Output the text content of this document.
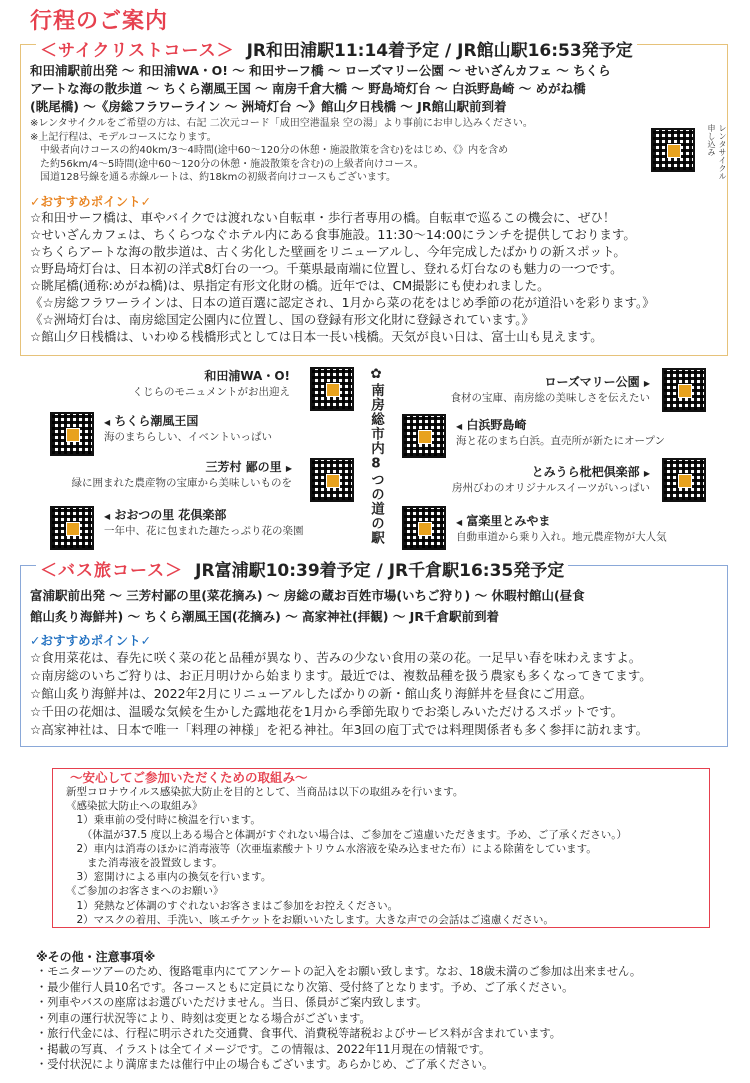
行程のご案内
＜サイクリストコース＞ JR和田浦駅11:14着予定 / JR館山駅16:53発予定
和田浦駅前出発 ～ 和田浦WA・O! ～ 和田サーフ橋 ～ ローズマリー公園 ～ せいざんカフェ ～ ちくら
アートな海の散歩道 ～ ちくら潮風王国 ～ 南房千倉大橋 ～ 野島埼灯台 ～ 白浜野島崎 ～ めがね橋
(眺尾橋) ～《房総フラワーライン ～ 洲埼灯台 ～》館山夕日桟橋 ～ JR館山駅前到着
※レンタサイクルをご希望の方は、右記 二次元コード「成田空港温泉 空の湯」より事前にお申し込みください。
※上記行程は、モデルコースになります。
　中級者向けコースの約40km/3～4時間(途中60～120分の休憩・施設散策を含む)をはじめ、《》内を含め
　た約56km/4～5時間(途中60～120分の休憩・施設散策を含む)の上級者向けコース。
　国道128号線を通る赤線ルートは、約18kmの初級者向けコースもございます。	レンタサイクル申し込み
✓おすすめポイント✓
☆和田サーフ橋は、車やバイクでは渡れない自転車・歩行者専用の橋。自転車で巡るこの機会に、ぜひ！
☆せいざんカフェは、ちくらつなぐホテル内にある食事施設。11:30～14:00にランチを提供しております。
☆ちくらアートな海の散歩道は、古く劣化した壁画をリニューアルし、今年完成したばかりの新スポット。
☆野島埼灯台は、日本初の洋式8灯台の一つ。千葉県最南端に位置し、登れる灯台なのも魅力の一つです。
☆眺尾橋(通称:めがね橋)は、県指定有形文化財の橋。近年では、CM撮影にも使われました。
《☆房総フラワーラインは、日本の道百選に認定され、1月から菜の花をはじめ季節の花が道沿いを彩ります。》
《☆洲埼灯台は、南房総国定公園内に位置し、国の登録有形文化財に登録されています。》
☆館山夕日桟橋は、いわゆる桟橋形式としては日本一長い桟橋。天気が良い日は、富士山も見えます。
✿南房総市内8つの道の駅
和田浦WA・O!
くじらのモニュメントがお出迎え
◀ ちくら潮風王国
海のまちらしい、イベントいっぱい
三芳村 鄙の里 ▶
緑に囲まれた農産物の宝庫から美味しいものを
◀ おおつの里 花倶楽部
一年中、花に包まれた趣たっぷり花の楽園
ローズマリー公園 ▶
食材の宝庫、南房総の美味しさを伝えたい
◀ 白浜野島崎
海と花のまち白浜。直売所が新たにオープン
とみうら枇杷倶楽部 ▶
房州びわのオリジナルスイーツがいっぱい
◀ 富楽里とみやま
自動車道から乗り入れ。地元農産物が大人気
＜バス旅コース＞ JR富浦駅10:39着予定 / JR千倉駅16:35発予定
富浦駅前出発 ～ 三芳村鄙の里(菜花摘み) ～ 房総の蔵お百姓市場(いちご狩り) ～ 休暇村館山(昼食
館山炙り海鮮丼) ～ ちくら潮風王国(花摘み) ～ 高家神社(拝観) ～ JR千倉駅前到着
✓おすすめポイント✓
☆食用菜花は、春先に咲く菜の花と品種が異なり、苦みの少ない食用の菜の花。一足早い春を味わえますよ。
☆南房総のいちご狩りは、お正月明けから始まります。最近では、複数品種を扱う農家も多くなってきてます。
☆館山炙り海鮮丼は、2022年2月にリニューアルしたばかりの新・館山炙り海鮮丼を昼食にご用意。
☆千田の花畑は、温暖な気候を生かした露地花を1月から季節先取りでお楽しみいただけるスポットです。
☆高家神社は、日本で唯一「料理の神様」を祀る神社。年3回の庖丁式では料理関係者も多く参拝に訪れます。
～安心してご参加いただくための取組み～
新型コロナウイルス感染拡大防止を目的として、当商品は以下の取組みを行います。
《感染拡大防止への取組み》
　1）乗車前の受付時に検温を行います。
　　（体温が37.5 度以上ある場合と体調がすぐれない場合は、ご参加をご遠慮いただきます。予め、ご了承ください。）
　2）車内は消毒のほかに消毒液等（次亜塩素酸ナトリウム水溶液を染み込ませた布）による除菌をしています。
　　また消毒液を設置致します。
　3）窓開けによる車内の換気を行います。
《ご参加のお客さまへのお願い》
　1）発熱など体調のすぐれないお客さまはご参加をお控えください。
　2）マスクの着用、手洗い、咳エチケットをお願いいたします。大きな声での会話はご遠慮ください。
※その他・注意事項※
・モニターツアーのため、復路電車内にてアンケートの記入をお願い致します。なお、18歳未満のご参加は出来ません。
・最少催行人員10名です。各コースともに定員になり次第、受付終了となります。予め、ご了承ください。
・列車やバスの座席はお選びいただけません。当日、係員がご案内致します。
・列車の運行状況等により、時刻は変更となる場合がございます。
・旅行代金には、行程に明示された交通費、食事代、消費税等諸税およびサービス料が含まれています。
・掲載の写真、イラストは全てイメージです。この情報は、2022年11月現在の情報です。
・受付状況により満席または催行中止の場合もございます。あらかじめ、ご了承ください。
